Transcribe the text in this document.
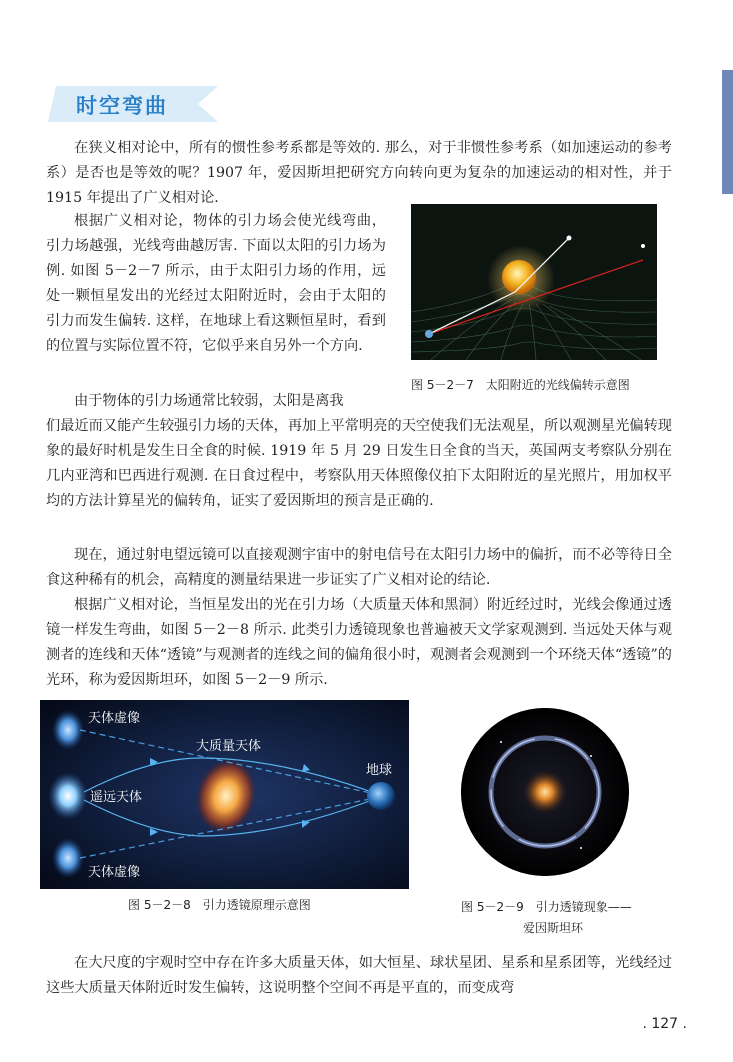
时空弯曲

在狭义相对论中，所有的惯性参考系都是等效的. 那么，对于非惯性参考系（如加速运动的参考系）是否也是等效的呢？1907 年，爱因斯坦把研究方向转向更为复杂的加速运动的相对性，并于 1915 年提出了广义相对论.

根据广义相对论，物体的引力场会使光线弯曲，引力场越强，光线弯曲越厉害. 下面以太阳的引力场为例. 如图 5－2－7 所示，由于太阳引力场的作用，远处一颗恒星发出的光经过太阳附近时，会由于太阳的引力而发生偏转. 这样，在地球上看这颗恒星时，看到的位置与实际位置不符，它似乎来自另外一个方向.

由于物体的引力场通常比较弱，太阳是离我

们最近而又能产生较强引力场的天体，再加上平常明亮的天空使我们无法观星，所以观测星光偏转现象的最好时机是发生日全食的时候. 1919 年 5 月 29 日发生日全食的当天，英国两支考察队分别在几内亚湾和巴西进行观测. 在日食过程中，考察队用天体照像仪拍下太阳附近的星光照片，用加权平均的方法计算星光的偏转角，证实了爱因斯坦的预言是正确的.

现在，通过射电望远镜可以直接观测宇宙中的射电信号在太阳引力场中的偏折，而不必等待日全食这种稀有的机会，高精度的测量结果进一步证实了广义相对论的结论.

根据广义相对论，当恒星发出的光在引力场（大质量天体和黑洞）附近经过时，光线会像通过透镜一样发生弯曲，如图 5－2－8 所示. 此类引力透镜现象也普遍被天文学家观测到. 当远处天体与观测者的连线和天体“透镜”与观测者的连线之间的偏角很小时，观测者会观测到一个环绕天体“透镜”的光环，称为爱因斯坦环，如图 5－2－9 所示.

图 5－2－7　太阳附近的光线偏转示意图
天体虚像
大质量天体
地球
遥远天体
天体虚像
图 5－2－8　引力透镜原理示意图	图 5－2－9　引力透镜现象——
爱因斯坦环

在大尺度的宇观时空中存在许多大质量天体，如大恒星、球状星团、星系和星系团等，光线经过这些大质量天体附近时发生偏转，这说明整个空间不再是平直的，而变成弯

. 127 .
